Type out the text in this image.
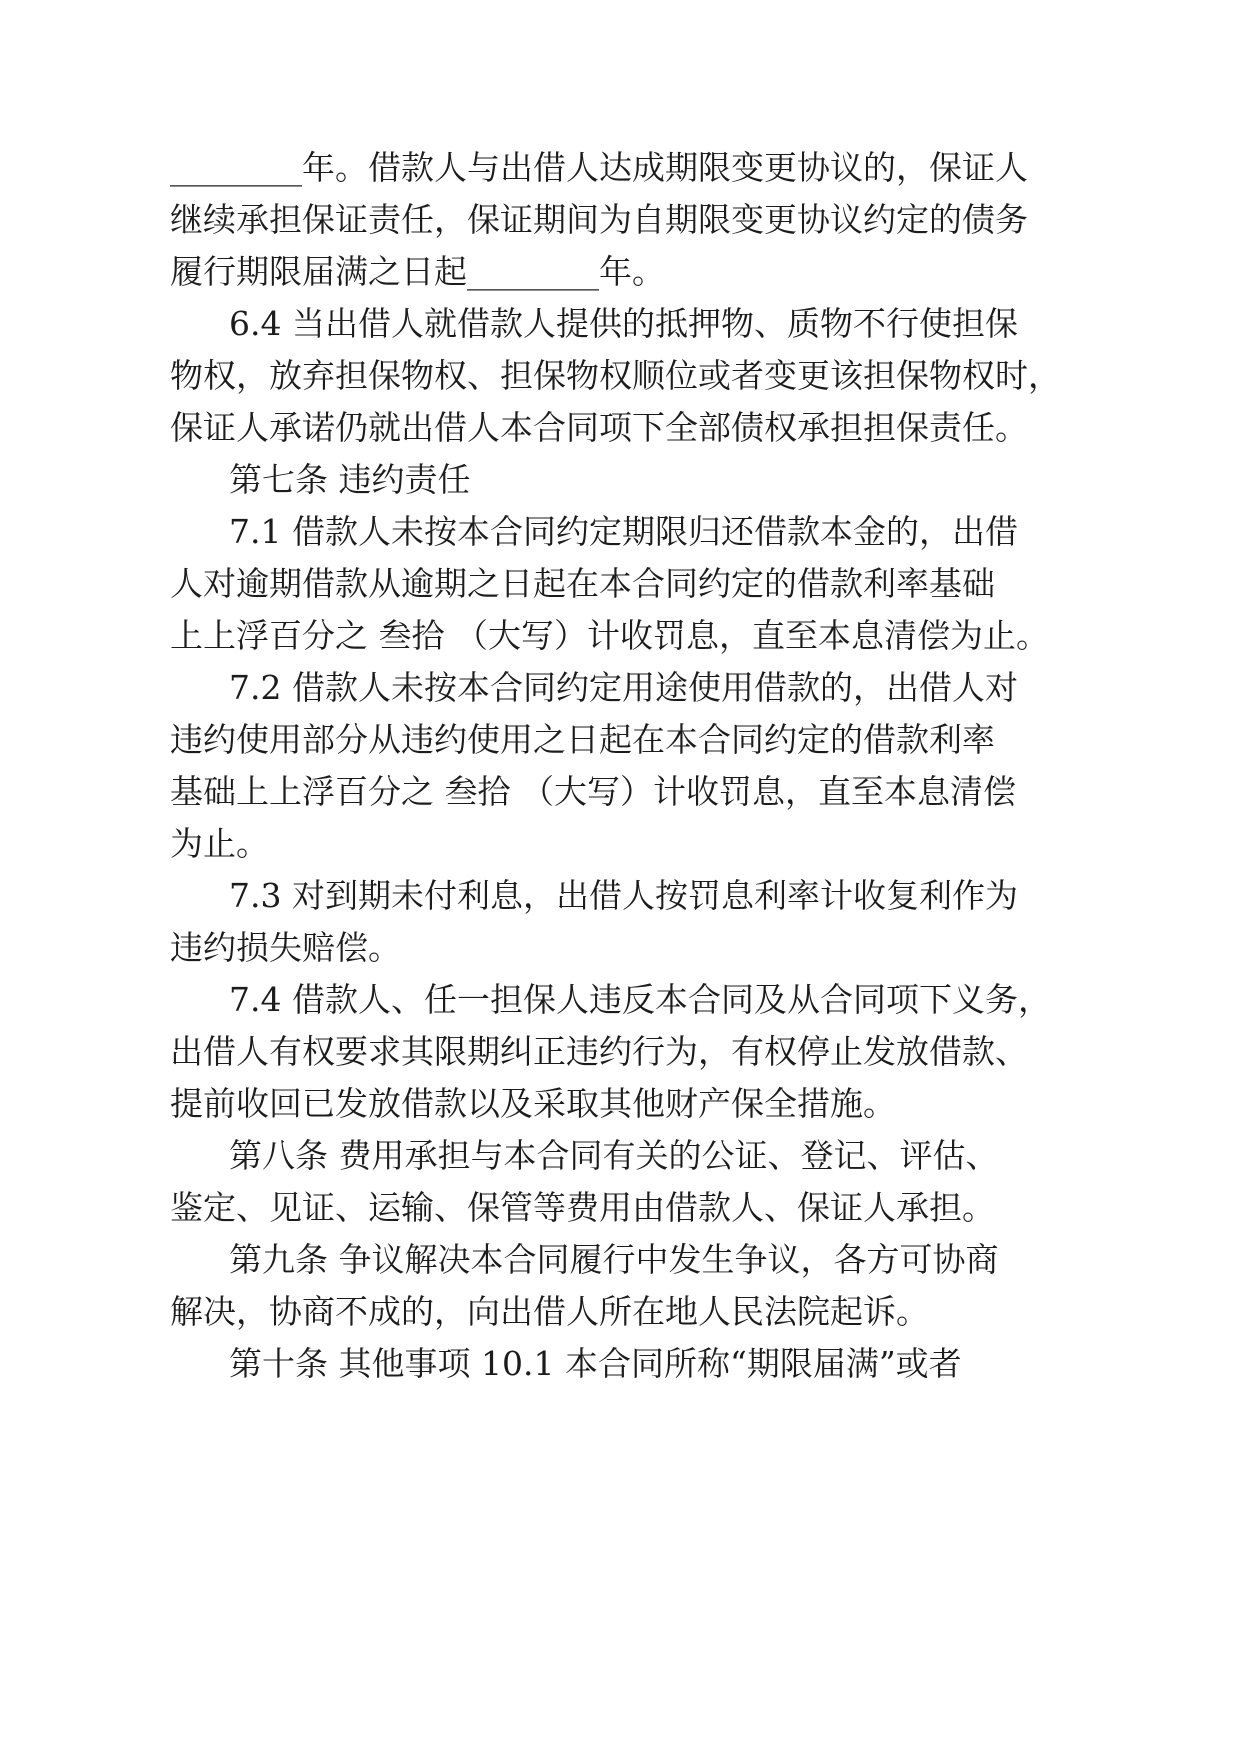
________年。借款人与出借人达成期限变更协议的，保证人
继续承担保证责任，保证期间为自期限变更协议约定的债务
履行期限届满之日起________年。
6.4 当出借人就借款人提供的抵押物、质物不行使担保
物权，放弃担保物权、担保物权顺位或者变更该担保物权时，
保证人承诺仍就出借人本合同项下全部债权承担担保责任。
第七条 违约责任
7.1 借款人未按本合同约定期限归还借款本金的，出借
人对逾期借款从逾期之日起在本合同约定的借款利率基础
上上浮百分之 叁拾 （大写）计收罚息，直至本息清偿为止。
7.2 借款人未按本合同约定用途使用借款的，出借人对
违约使用部分从违约使用之日起在本合同约定的借款利率
基础上上浮百分之 叁拾 （大写）计收罚息，直至本息清偿
为止。
7.3 对到期未付利息，出借人按罚息利率计收复利作为
违约损失赔偿。
7.4 借款人、任一担保人违反本合同及从合同项下义务，
出借人有权要求其限期纠正违约行为，有权停止发放借款、
提前收回已发放借款以及采取其他财产保全措施。
第八条 费用承担与本合同有关的公证、登记、评估、
鉴定、见证、运输、保管等费用由借款人、保证人承担。
第九条 争议解决本合同履行中发生争议，各方可协商
解决，协商不成的，向出借人所在地人民法院起诉。
第十条 其他事项 10.1 本合同所称“期限届满”或者
